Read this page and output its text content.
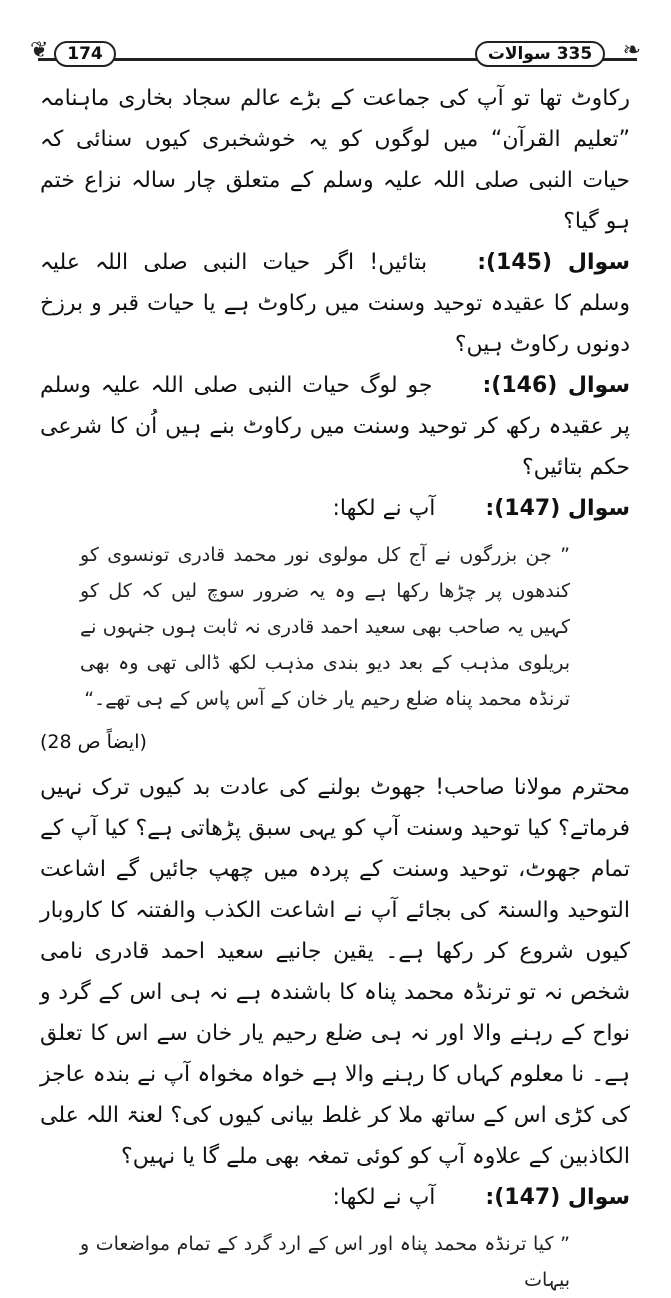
❦	❧
174	335 سوالات

رکاوٹ تھا تو آپ کی جماعت کے بڑے عالم سجاد بخاری ماہنامہ ”تعلیم القرآن“ میں لوگوں کو یہ خوشخبری کیوں سنائی کہ حیات النبی صلی اللہ علیہ وسلم کے متعلق چار سالہ نزاع ختم ہو گیا؟

سوال (145):بتائیں! اگر حیات النبی صلی اللہ علیہ وسلم کا عقیدہ توحید وسنت میں رکاوٹ ہے یا حیات قبر و برزخ دونوں رکاوٹ ہیں؟

سوال (146):جو لوگ حیات النبی صلی اللہ علیہ وسلم پر عقیدہ رکھ کر توحید وسنت میں رکاوٹ بنے ہیں اُن کا شرعی حکم بتائیں؟

سوال (147):آپ نے لکھا:

” جن بزرگوں نے آج کل مولوی نور محمد قادری تونسوی کو کندھوں پر چڑھا رکھا ہے وہ یہ ضرور سوچ لیں کہ کل کو کہیں یہ صاحب بھی سعید احمد قادری نہ ثابت ہوں جنہوں نے بریلوی مذہب کے بعد دیو بندی مذہب لکھ ڈالی تھی وہ بھی ترنڈہ محمد پناہ ضلع رحیم یار خان کے آس پاس کے ہی تھے۔“

(ایضاً ص 28)

محترم مولانا صاحب! جھوٹ بولنے کی عادت بد کیوں ترک نہیں فرماتے؟ کیا توحید وسنت آپ کو یہی سبق پڑھاتی ہے؟ کیا آپ کے تمام جھوٹ، توحید وسنت کے پردہ میں چھپ جائیں گے اشاعت التوحید والسنۃ کی بجائے آپ نے اشاعت الکذب والفتنہ کا کاروبار کیوں شروع کر رکھا ہے۔ یقین جانیے سعید احمد قادری نامی شخص نہ تو ترنڈہ محمد پناہ کا باشندہ ہے نہ ہی اس کے گرد و نواح کے رہنے والا اور نہ ہی ضلع رحیم یار خان سے اس کا تعلق ہے۔ نا معلوم کہاں کا رہنے والا ہے خواہ مخواہ آپ نے بندہ عاجز کی کڑی اس کے ساتھ ملا کر غلط بیانی کیوں کی؟ لعنۃ اللہ علی الکاذبین کے علاوہ آپ کو کوئی تمغہ بھی ملے گا یا نہیں؟

سوال (147):آپ نے لکھا:

” کیا ترنڈہ محمد پناہ اور اس کے ارد گرد کے تمام مواضعات و بیہات
